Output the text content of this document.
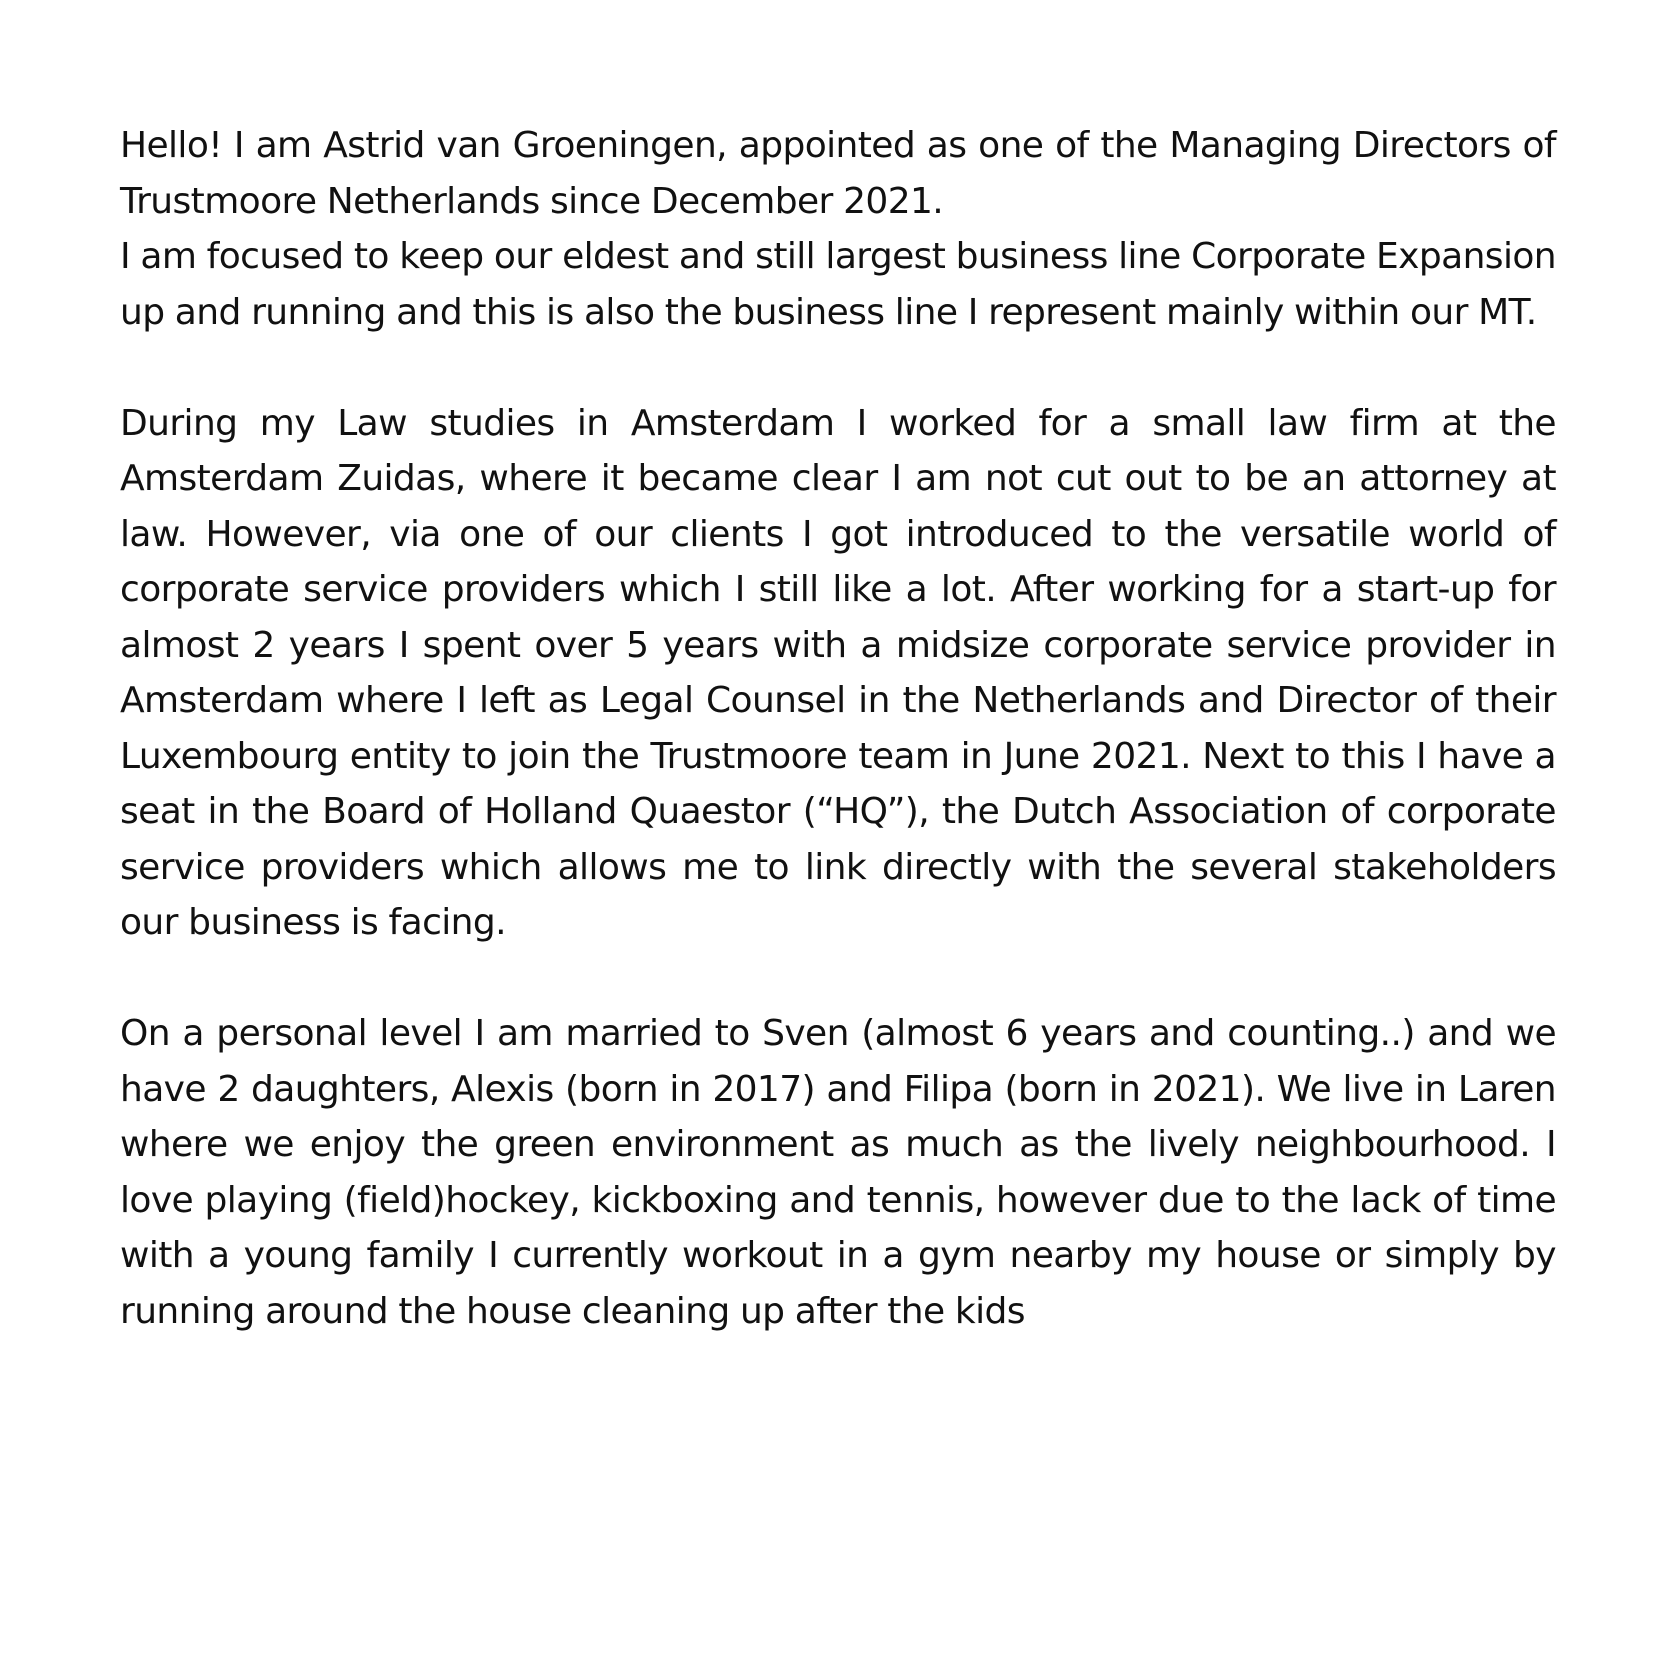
Hello! I am Astrid van Groeningen, appointed as one of the Managing Directors of Trustmoore Netherlands since December 2021.

I am focused to keep our eldest and still largest business line Corporate Expansion up and running and this is also the business line I represent mainly within our MT.

During my Law studies in Amsterdam I worked for a small law firm at the Amsterdam Zuidas, where it became clear I am not cut out to be an attorney at law. However, via one of our clients I got introduced to the versatile world of corporate service providers which I still like a lot. After working for a start-up for almost 2 years I spent over 5 years with a midsize corporate service provider in Amsterdam where I left as Legal Counsel in the Netherlands and Director of their Luxembourg entity to join the Trustmoore team in June 2021. Next to this I have a seat in the Board of Holland Quaestor (“HQ”), the Dutch Association of corporate service providers which allows me to link directly with the several stakeholders our business is facing.

On a personal level I am married to Sven (almost 6 years and counting..) and we have 2 daughters, Alexis (born in 2017) and Filipa (born in 2021). We live in Laren where we enjoy the green environment as much as the lively neighbourhood. I love playing (field)hockey, kickboxing and tennis, however due to the lack of time with a young family I currently workout in a gym nearby my house or simply by running around the house cleaning up after the kids
